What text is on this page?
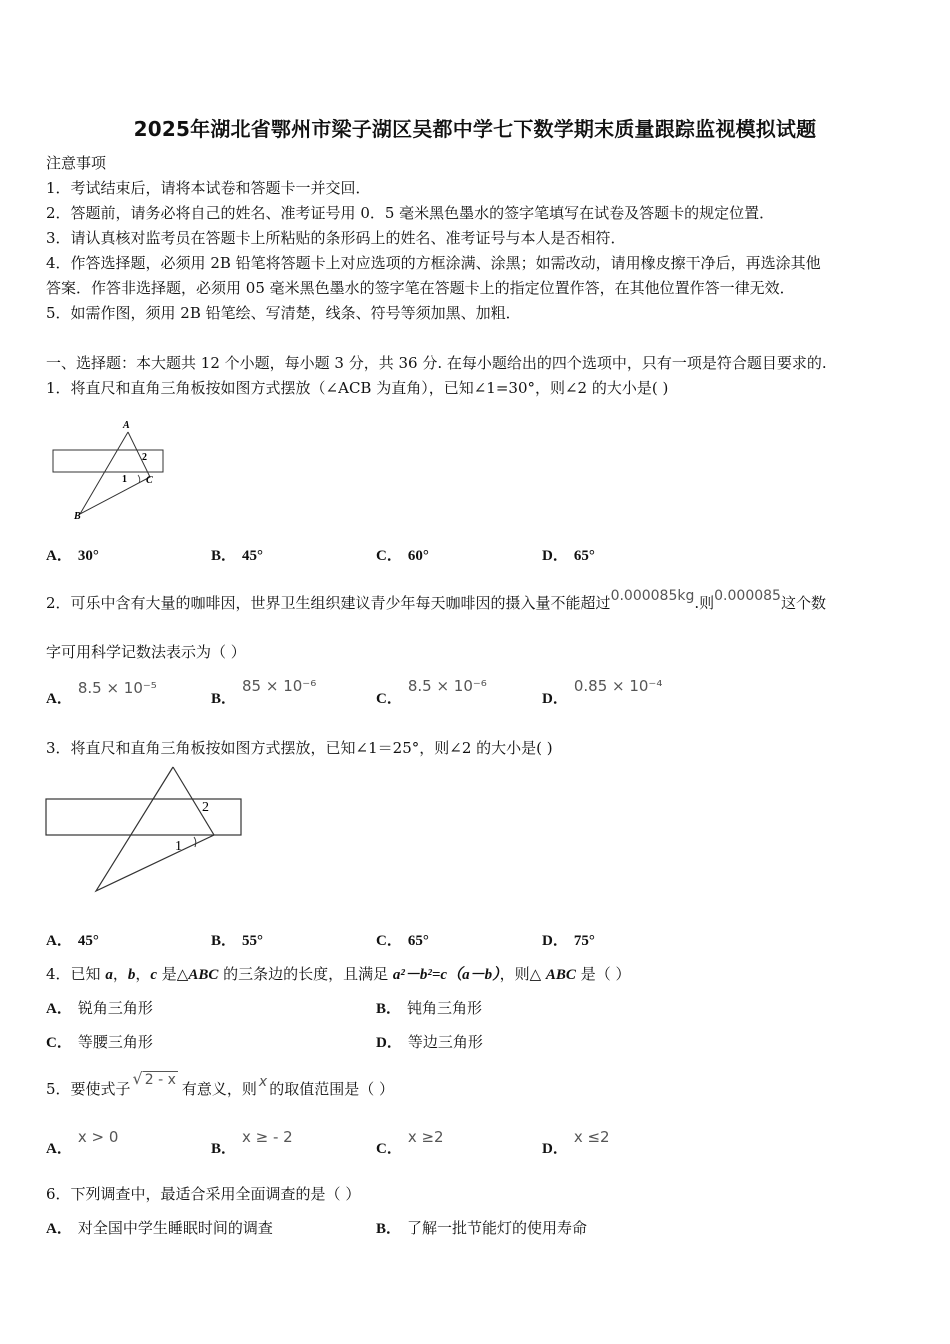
2025年湖北省鄂州市梁子湖区吴都中学七下数学期末质量跟踪监视模拟试题
注意事项
1．考试结束后，请将本试卷和答题卡一并交回．
2．答题前，请务必将自己的姓名、准考证号用 0．5 毫米黑色墨水的签字笔填写在试卷及答题卡的规定位置．
3．请认真核对监考员在答题卡上所粘贴的条形码上的姓名、准考证号与本人是否相符．
4．作答选择题，必须用 2B 铅笔将答题卡上对应选项的方框涂满、涂黑；如需改动，请用橡皮擦干净后，再选涂其他
答案．作答非选择题，必须用 05 毫米黑色墨水的签字笔在答题卡上的指定位置作答，在其他位置作答一律无效．
5．如需作图，须用 2B 铅笔绘、写清楚，线条、符号等须加黑、加粗．
一、选择题：本大题共 12 个小题，每小题 3 分，共 36 分. 在每小题给出的四个选项中，只有一项是符合题目要求的.
1．将直尺和直角三角板按如图方式摆放（∠ACB 为直角），已知∠1=30°，则∠2 的大小是( )
A
2
1 C
B
A． 30°	B． 45°	C． 60°	D． 65°
2．可乐中含有大量的咖啡因，世界卫生组织建议青少年每天咖啡因的摄入量不能超过0.000085kg.则0.000085这个数
字可用科学记数法表示为（ ）
A．8.5 × 10⁻⁵
B．85 × 10⁻⁶
C．8.5 × 10⁻⁶
D．0.85 × 10⁻⁴
3．将直尺和直角三角板按如图方式摆放，已知∠1＝25°，则∠2 的大小是( )
2
1
A． 45°	B． 55°	C． 65°	D． 75°
4．已知 a，b，c 是△ABC 的三条边的长度，且满足 a²－b²=c（a－b），则△ ABC 是（ ）
A． 锐角三角形	B． 钝角三角形
C． 等腰三角形	D． 等边三角形
5．要使式子√ 2 - x 有意义，则 x 的取值范围是（ ）
A．x > 0
B．x ≥ - 2
C．x ≥2
D．x ≤2
6．下列调查中，最适合采用全面调查的是（ ）
A． 对全国中学生睡眠时间的调查	B． 了解一批节能灯的使用寿命
